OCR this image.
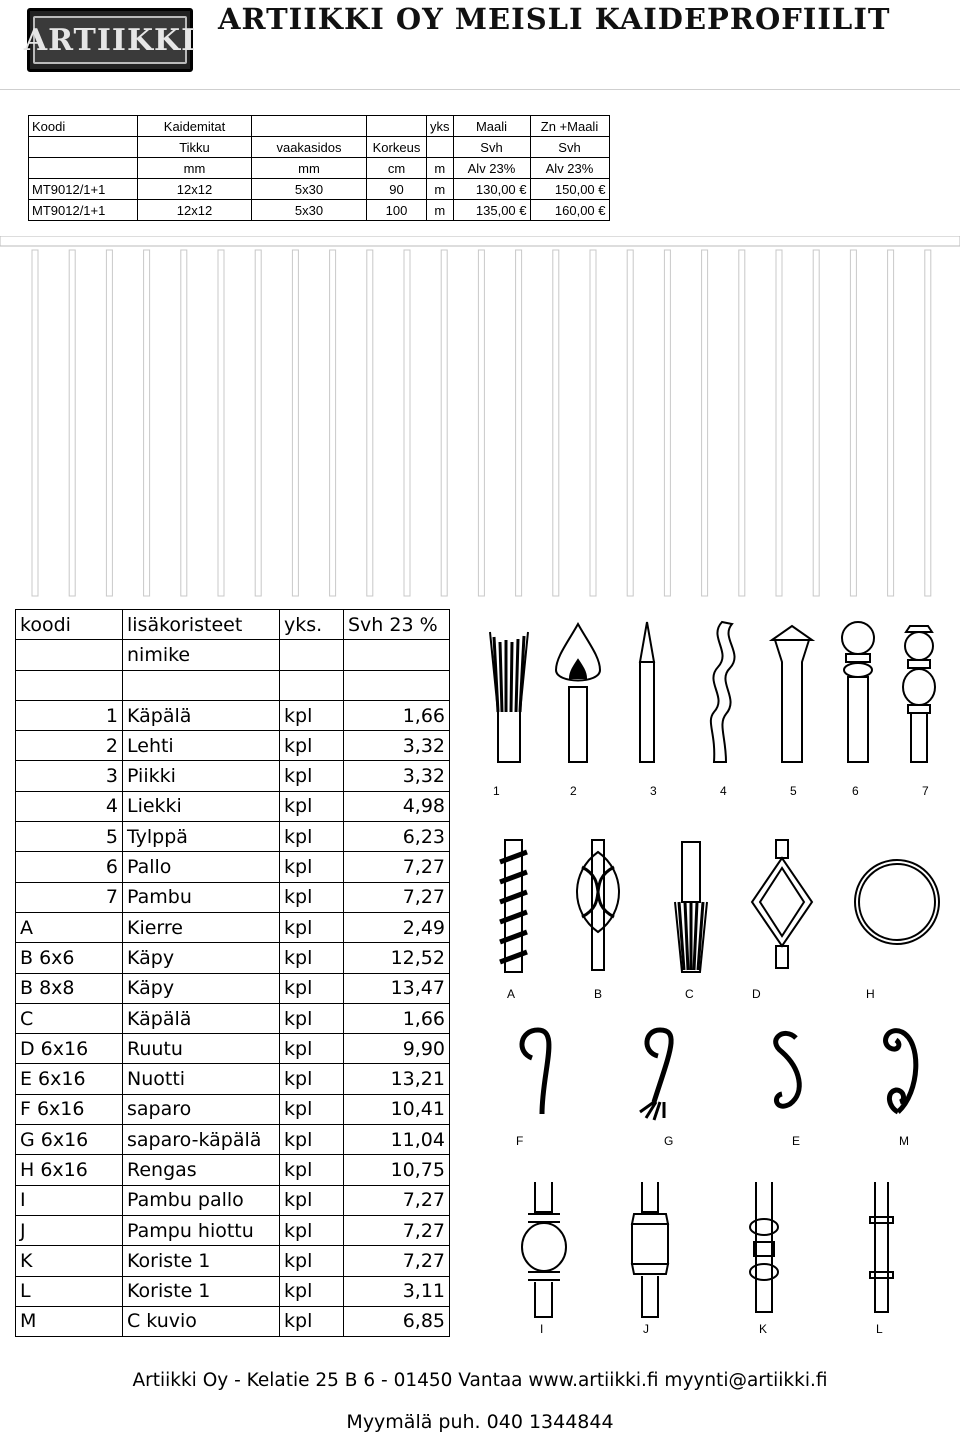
ARTIIKKI
ARTIIKKI OY MEISLI KAIDEPROFIILIT
Koodi	Kaidemitat			yks	Maali	Zn +Maali
	Tikku	vaakasidos	Korkeus		Svh	Svh
	mm	mm	cm	m	Alv 23%	Alv 23%
MT9012/1+1	12x12	5x30	90	m	130,00 €	150,00 €
MT9012/1+1	12x12	5x30	100	m	135,00 €	160,00 €
koodi	lisäkoristeet	yks.	Svh 23 %
	nimike		

1	Käpälä	kpl	1,66
2	Lehti	kpl	3,32
3	Piikki	kpl	3,32
4	Liekki	kpl	4,98
5	Tylppä	kpl	6,23
6	Pallo	kpl	7,27
7	Pambu	kpl	7,27
A	Kierre	kpl	2,49
B 6x6	Käpy	kpl	12,52
B 8x8	Käpy	kpl	13,47
C	Käpälä	kpl	1,66
D 6x16	Ruutu	kpl	9,90
E 6x16	Nuotti	kpl	13,21
F 6x16	saparo	kpl	10,41
G 6x16	saparo-käpälä	kpl	11,04
H 6x16	Rengas	kpl	10,75
I	Pambu pallo	kpl	7,27
J	Pampu hiottu	kpl	7,27
K	Koriste 1	kpl	7,27
L	Koriste 1	kpl	3,11
M	C kuvio	kpl	6,85
1	2	3	4	5	6	7
A	B	C	D	H
F	G	E	M
I	J	K	L
Artiikki Oy - Kelatie 25 B 6 - 01450 Vantaa www.artiikki.fi myynti@artiikki.fi
Myymälä puh. 040 1344844
